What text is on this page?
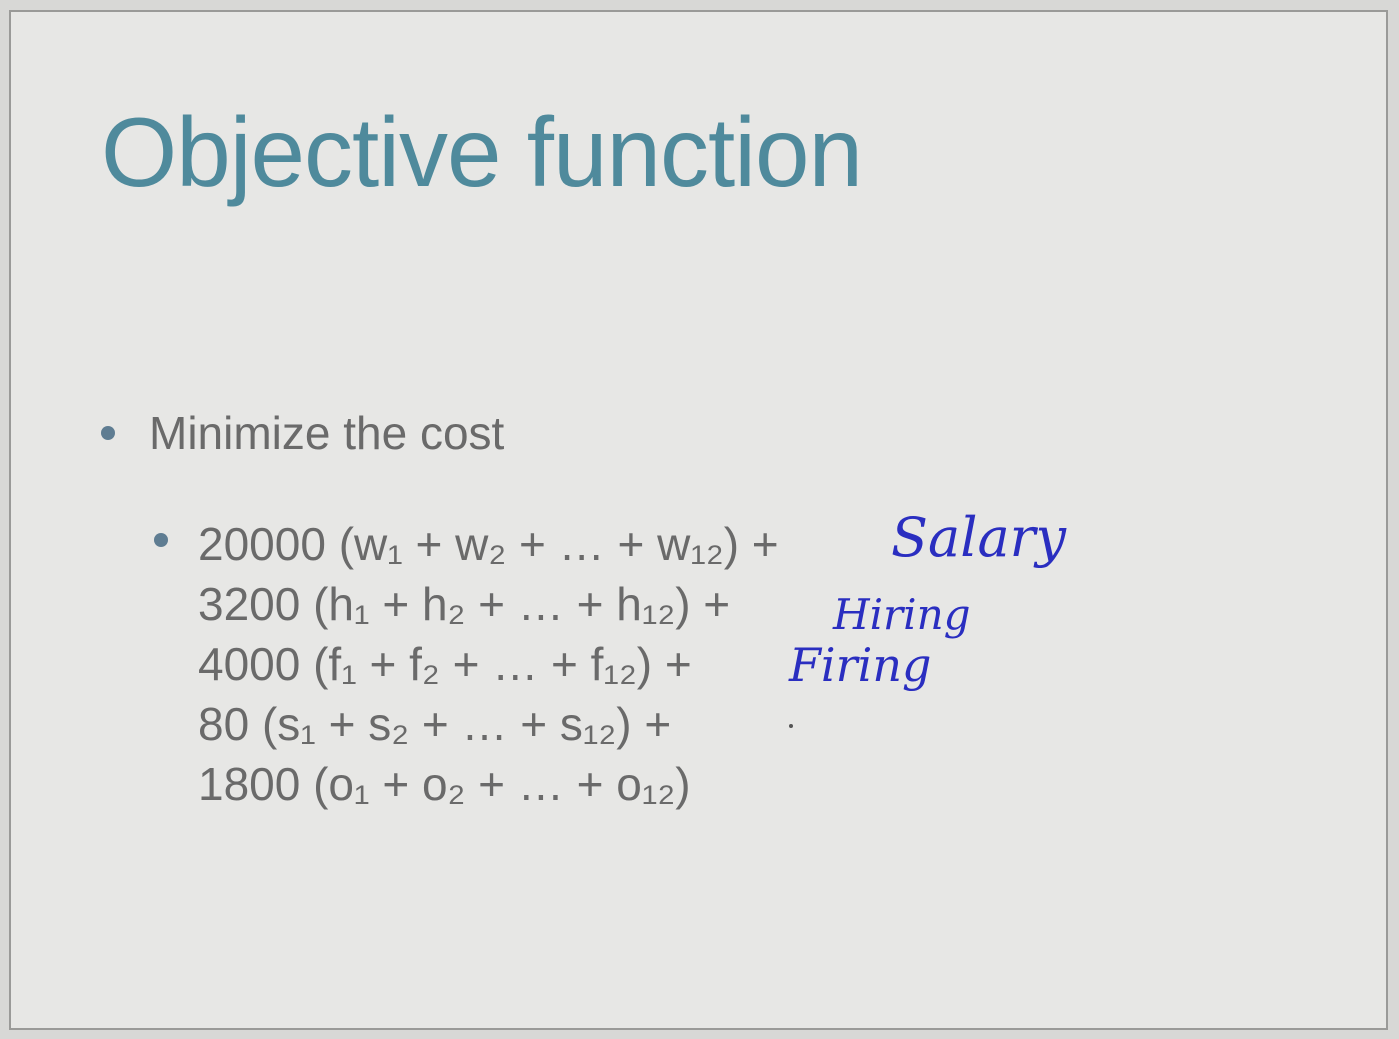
Objective function
Minimize the cost
20000 (w₁ + w₂ + … + w₁₂) +
3200 (h₁ + h₂ + … + h₁₂) +
4000 (f₁ + f₂ + … + f₁₂) +
80 (s₁ + s₂ + … + s₁₂) +
1800 (o₁ + o₂ + … + o₁₂)
Salary
Hiring
Firing
